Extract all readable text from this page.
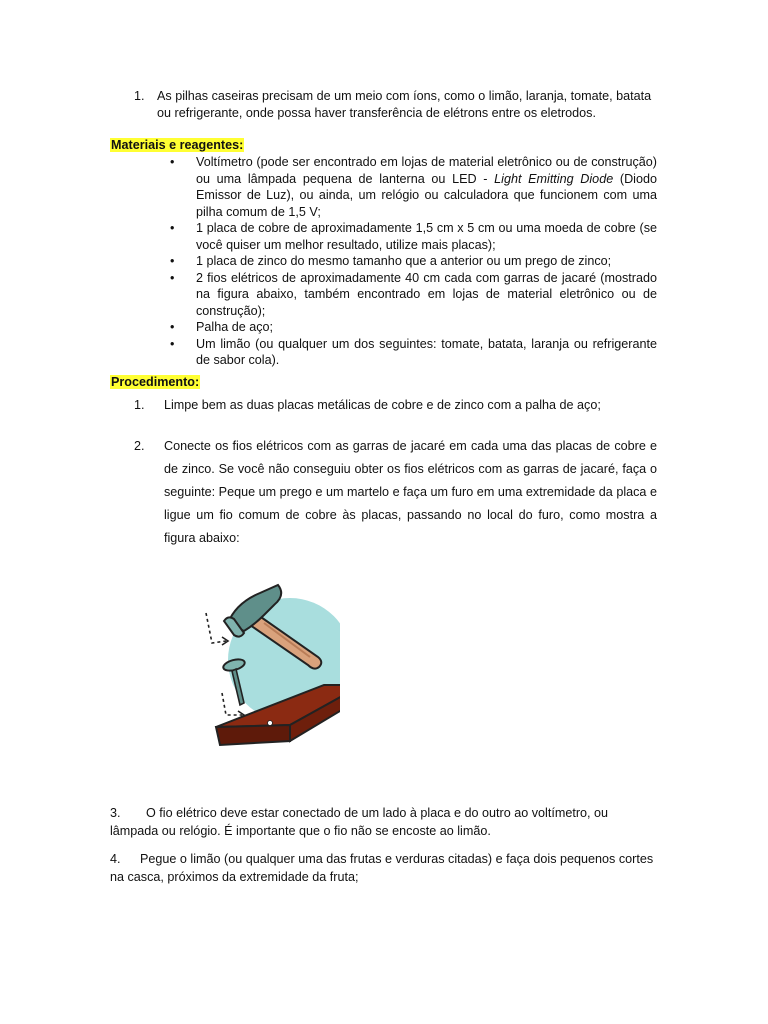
1. As pilhas caseiras precisam de um meio com íons, como o limão, laranja, tomate, batata ou refrigerante, onde possa haver transferência de elétrons entre os eletrodos.
Materiais e reagentes:
• Voltímetro (pode ser encontrado em lojas de material eletrônico ou de construção) ou uma lâmpada pequena de lanterna ou LED - Light Emitting Diode (Diodo Emissor de Luz), ou ainda, um relógio ou calculadora que funcionem com uma pilha comum de 1,5 V;
• 1 placa de cobre de aproximadamente 1,5 cm x 5 cm ou uma moeda de cobre (se você quiser um melhor resultado, utilize mais placas);
• 1 placa de zinco do mesmo tamanho que a anterior ou um prego de zinco;
• 2 fios elétricos de aproximadamente 40 cm cada com garras de jacaré (mostrado na figura abaixo, também encontrado em lojas de material eletrônico ou de construção);
• Palha de aço;
• Um limão (ou qualquer um dos seguintes: tomate, batata, laranja ou refrigerante de sabor cola).
Procedimento:
1. Limpe bem as duas placas metálicas de cobre e de zinco com a palha de aço;
2. Conecte os fios elétricos com as garras de jacaré em cada uma das placas de cobre e de zinco. Se você não conseguiu obter os fios elétricos com as garras de jacaré, faça o seguinte: Peque um prego e um martelo e faça um furo em uma extremidade da placa e ligue um fio comum de cobre às placas, passando no local do furo, como mostra a figura abaixo:
3. O fio elétrico deve estar conectado de um lado à placa e do outro ao voltímetro, ou lâmpada ou relógio. É importante que o fio não se encoste ao limão.
4. Pegue o limão (ou qualquer uma das frutas e verduras citadas) e faça dois pequenos cortes na casca, próximos da extremidade da fruta;
